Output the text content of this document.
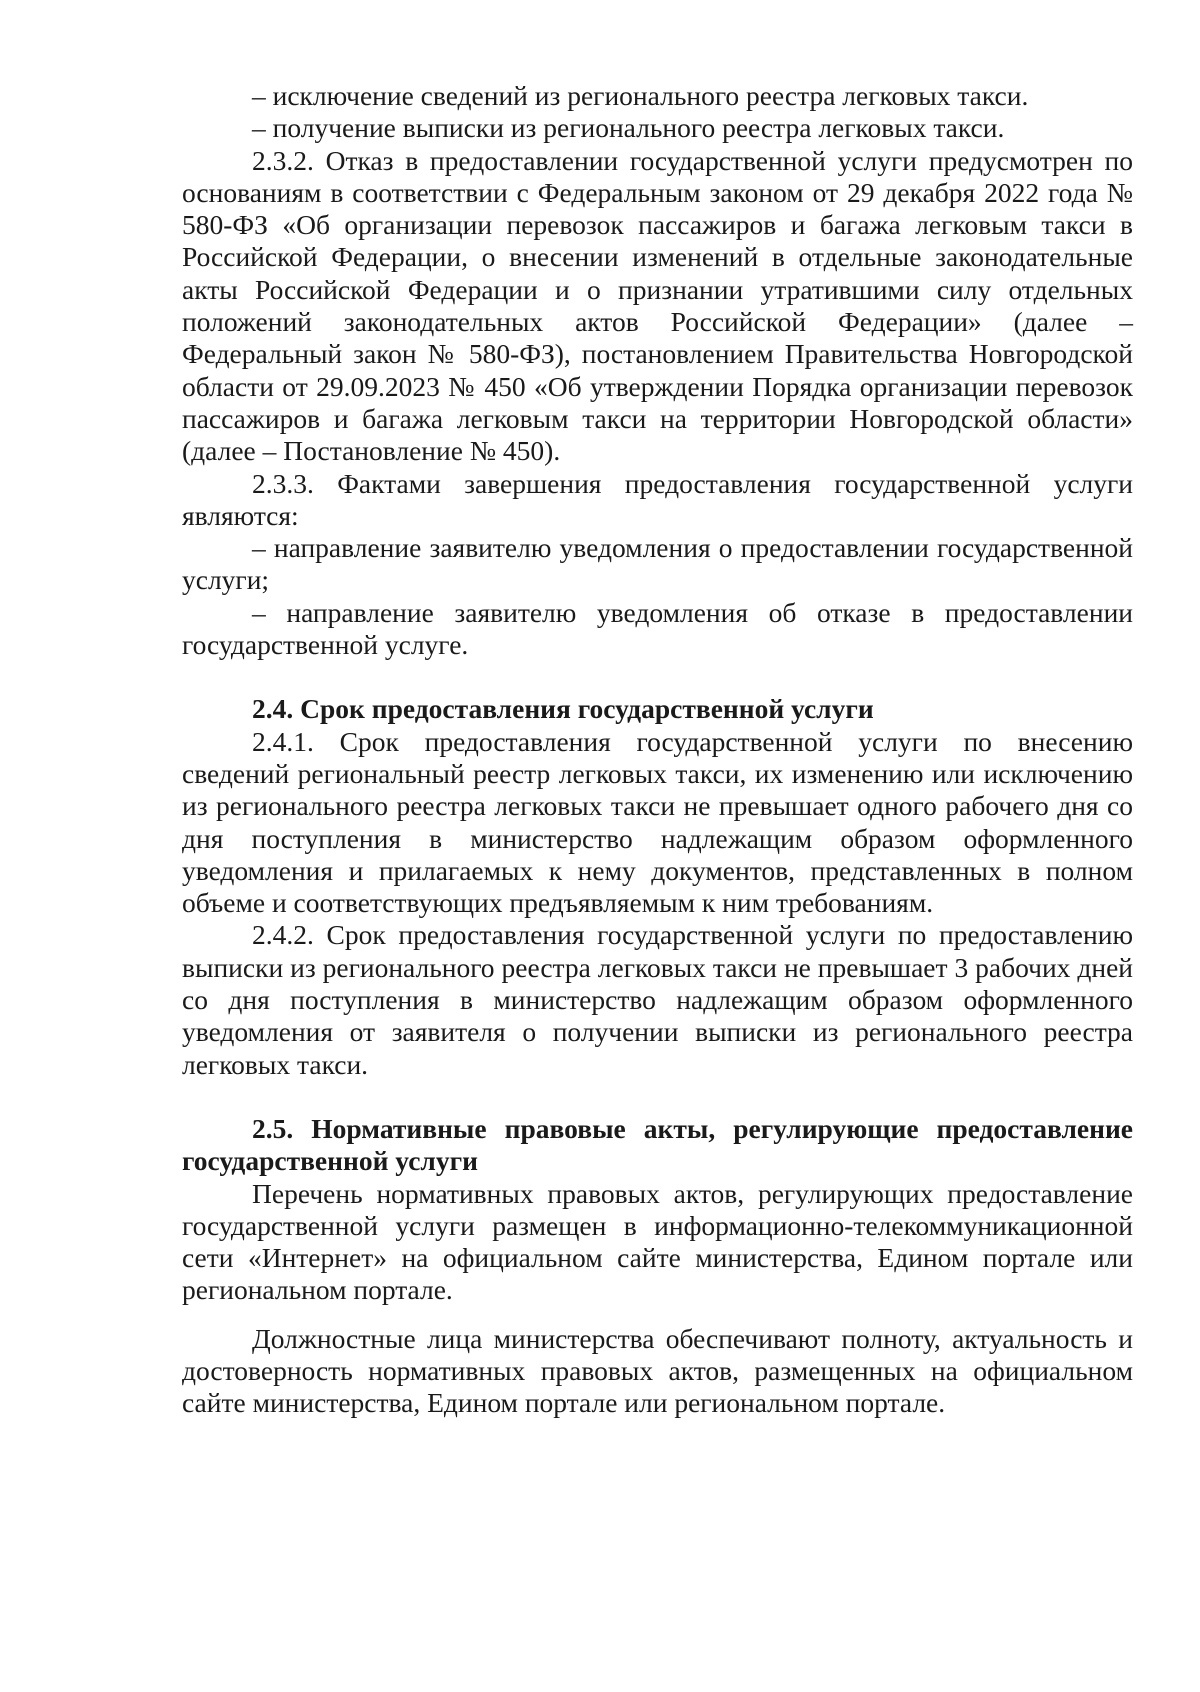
– исключение сведений из регионального реестра легковых такси.

– получение выписки из регионального реестра легковых такси.

2.3.2. Отказ в предоставлении государственной услуги предусмотрен по основаниям в соответствии с Федеральным законом от 29 декабря 2022 года № 580-ФЗ «Об организации перевозок пассажиров и багажа легковым такси в Российской Федерации, о внесении изменений в отдельные законодательные акты Российской Федерации и о признании утратившими силу отдельных положений законодательных актов Российской Федерации» (далее – Федеральный закон № 580-ФЗ), постановлением Правительства Новгородской области от 29.09.2023 № 450 «Об утверждении Порядка организации перевозок пассажиров и багажа легковым такси на территории Новгородской области» (далее – Постановление № 450).

2.3.3. Фактами завершения предоставления государственной услуги являются:

– направление заявителю уведомления о предоставлении государственной услуги;

– направление заявителю уведомления об отказе в предоставлении государственной услуге.

2.4. Срок предоставления государственной услуги

2.4.1. Срок предоставления государственной услуги по внесению сведений региональный реестр легковых такси, их изменению или исключению из регионального реестра легковых такси не превышает одного рабочего дня со дня поступления в министерство надлежащим образом оформленного уведомления и прилагаемых к нему документов, представленных в полном объеме и соответствующих предъявляемым к ним требованиям.

2.4.2. Срок предоставления государственной услуги по предоставлению выписки из регионального реестра легковых такси не превышает 3 рабочих дней со дня поступления в министерство надлежащим образом оформленного уведомления от заявителя о получении выписки из регионального реестра легковых такси.

2.5. Нормативные правовые акты, регулирующие предоставление государственной услуги

Перечень нормативных правовых актов, регулирующих предоставление государственной услуги размещен в информационно-телекоммуникационной сети «Интернет» на официальном сайте министерства, Едином портале или региональном портале.

Должностные лица министерства обеспечивают полноту, актуальность и достоверность нормативных правовых актов, размещенных на официальном сайте министерства, Едином портале или региональном портале.
